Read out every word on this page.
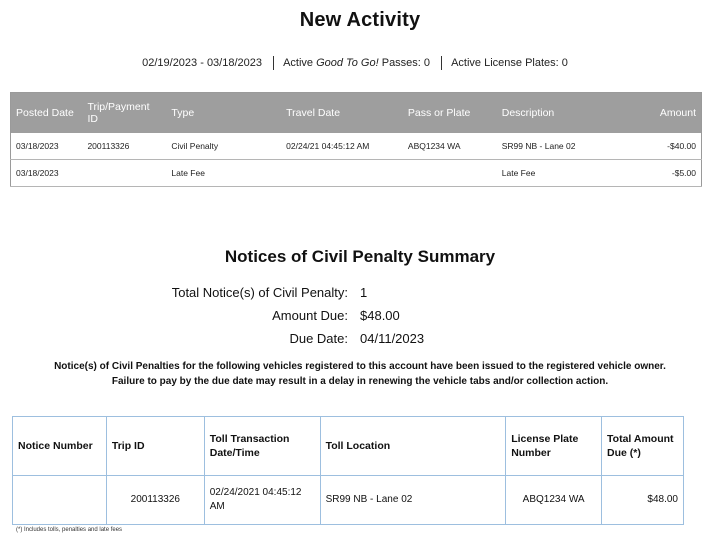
New Activity
02/19/2023 - 03/18/2023 Active Good To Go! Passes: 0 Active License Plates: 0
Posted Date	Trip/Payment ID	Type	Travel Date	Pass or Plate	Description	Amount
03/18/2023	200113326	Civil Penalty	02/24/21 04:45:12 AM	ABQ1234 WA	SR99 NB - Lane 02	-$40.00
03/18/2023		Late Fee			Late Fee	-$5.00
Notices of Civil Penalty Summary
Total Notice(s) of Civil Penalty: 1
Amount Due: $48.00
Due Date: 04/11/2023
Notice(s) of Civil Penalties for the following vehicles registered to this account have been issued to the registered vehicle owner.
Failure to pay by the due date may result in a delay in renewing the vehicle tabs and/or collection action.
Notice Number	Trip ID	Toll Transaction Date/Time	Toll Location	License Plate Number	Total Amount Due (*)
	200113326	02/24/2021 04:45:12 AM	SR99 NB - Lane 02	ABQ1234 WA	$48.00
(*) Includes tolls, penalties and late fees
